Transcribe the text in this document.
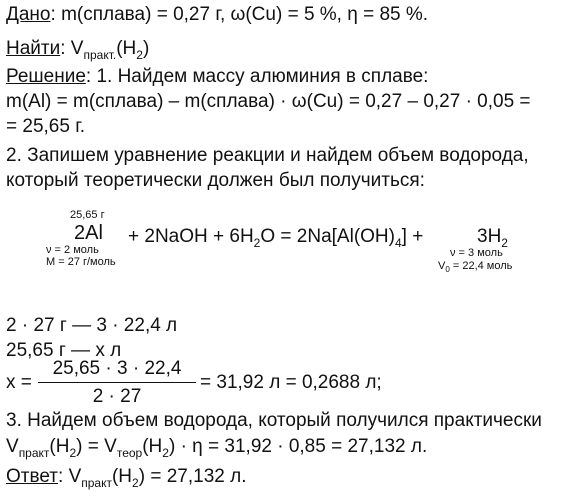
Дано: m(сплава) = 0,27 г, ω(Cu) = 5 %, η = 85 %.
Найти: $V_{практ.}(H_2)$
Решение: 1. Найдем массу алюминия в сплаве:
m(Al) = m(сплава) – m(сплава) · ω(Cu) = 0,27 – 0,27 · 0,05 =
= 25,65 г.
2. Запишем уравнение реакции и найдем объем водорода,
который теоретически должен был получиться:
25,65 г
2Al
ν = 2 моль
M = 27 г/моль
+ 2NaOH + $6H_2O = 2Na[Al(OH)_4]$ +	$3H_2$
ν = 3 моль
$V_0 = 22,4$ моль
2 · 27 г — 3 · 22,4 л
25,65 г — х л
х =
25,65 · 3 · 22,4
2 · 27
= 31,92 л = 0,2688 л;
3. Найдем объем водорода, который получился практически
$V_{практ}(H_2) = V_{теор}(H_2) \cdot \eta = 31,92 \cdot 0,85 = 27,132$ л.
Ответ: $V_{практ}(H_2) = 27,132$ л.
